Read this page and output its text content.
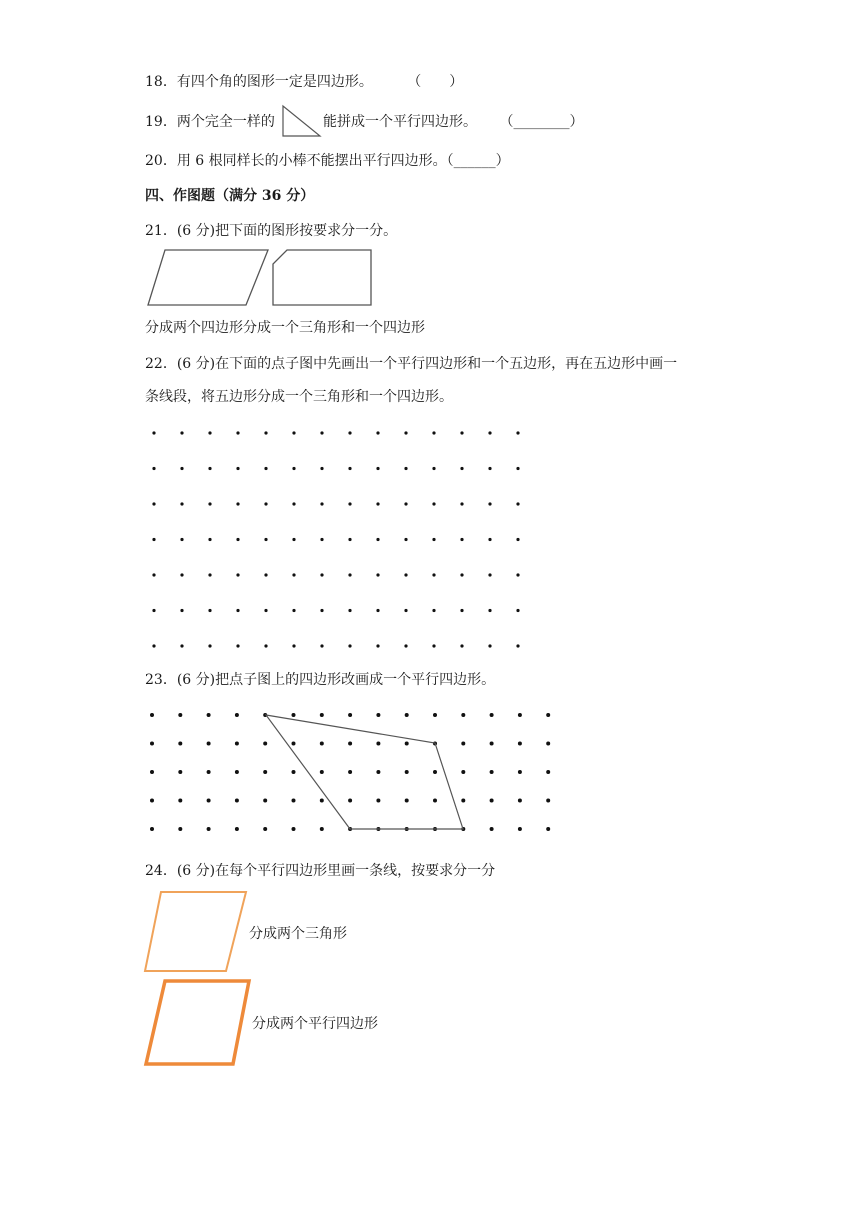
18．有四个角的图形一定是四边形。 （　　）
19．两个完全一样的	能拼成一个平行四边形。 （________）
20．用 6 根同样长的小棒不能摆出平行四边形。（______）
四、作图题（满分 36 分）
21．(6 分)把下面的图形按要求分一分。
分成两个四边形分成一个三角形和一个四边形
22．(6 分)在下面的点子图中先画出一个平行四边形和一个五边形，再在五边形中画一
条线段，将五边形分成一个三角形和一个四边形。
23．(6 分)把点子图上的四边形改画成一个平行四边形。
24．(6 分)在每个平行四边形里画一条线，按要求分一分
分成两个三角形
分成两个平行四边形
